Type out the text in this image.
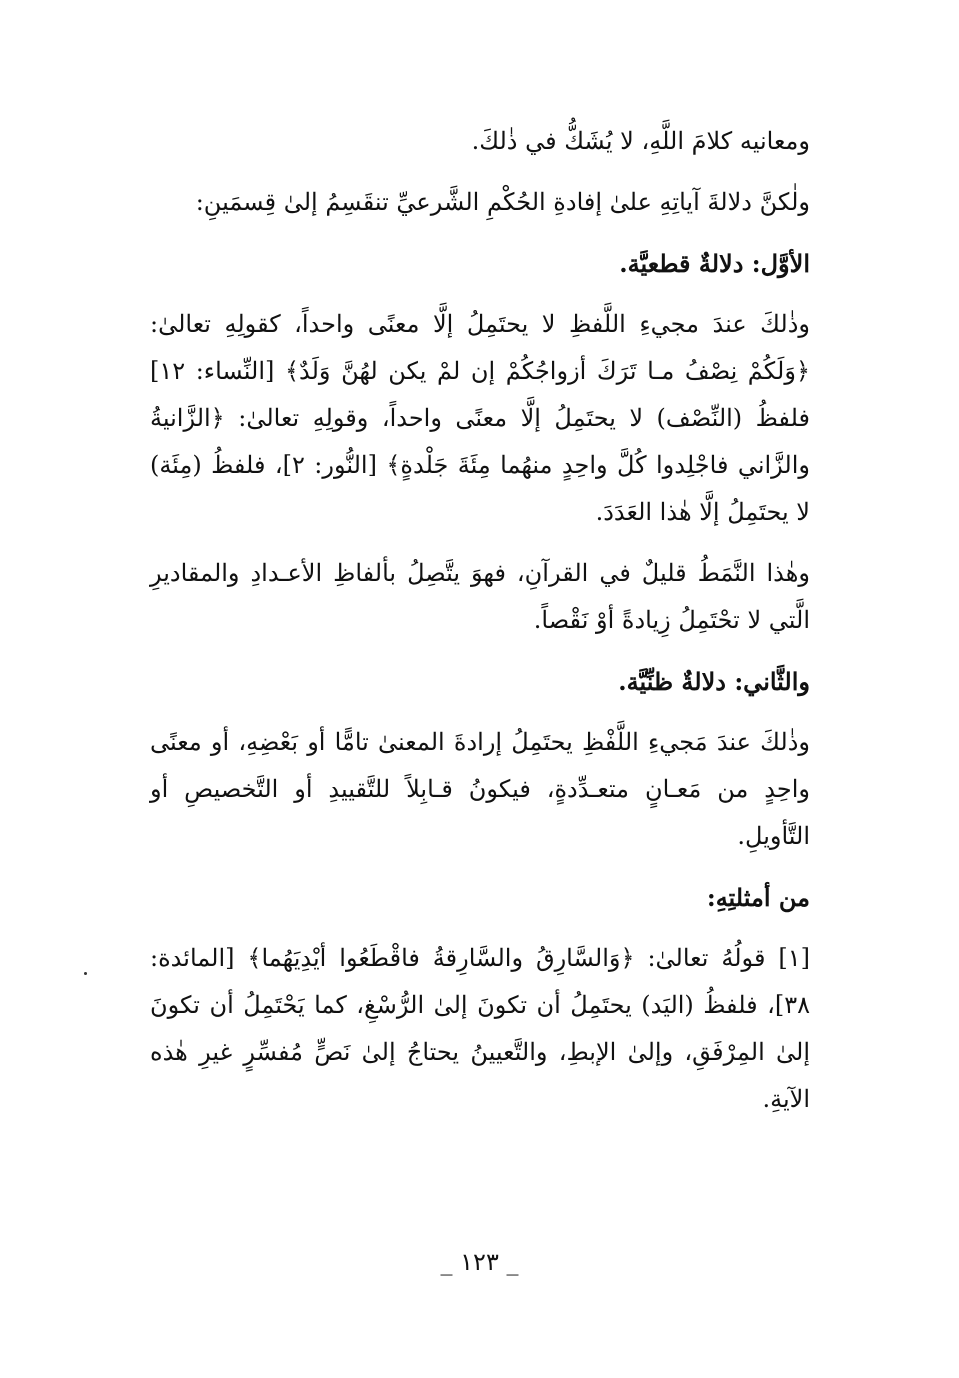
ومعانيه كلامَ اللَّهِ، لا يُشَكُّ في ذٰلكَ.

ولٰكنَّ دلالةَ آياتِهِ علىٰ إفادةِ الحُكْمِ الشَّرعيِّ تنقَسِمُ إلىٰ قِسمَينِ:

الأوَّل: دلالةٌ قطعيَّة.

وذٰلكَ عندَ مجيءِ اللَّفظِ لا يحتَمِلُ إلَّا معنًى واحداً، كقولِهِ تعالىٰ: ﴿وَلَكُمْ نِصْفُ مـا تَرَكَ أزواجُكُمْ إن لمْ يكن لهُنَّ وَلَدٌ﴾ [النِّساء: ١٢] فلفظُ (النِّصْف) لا يحتَمِلُ إلَّا معنًى واحداً، وقولِهِ تعالىٰ: ﴿الزَّانيةُ والزَّاني فاجْلِدوا كُلَّ واحِدٍ منهُما مِئَةَ جَلْدةٍ﴾ [النُّور: ٢]، فلفظُ (مِئَة) لا يحتَمِلُ إلَّا هٰذا العَدَدَ.

وهٰذا النَّمَطُ قليلٌ في القرآنِ، فهوَ يتَّصِلُ بألفاظِ الأعـدادِ والمقاديرِ الَّتي لا تحْتَمِلُ زِيادةً أوْ نَقْصاً.

والثَّاني: دلالةٌ ظنِّيَّة.

وذٰلكَ عندَ مَجيءِ اللَّفْظِ يحتَمِلُ إرادةَ المعنىٰ تامًّا أو بَعْضِهِ، أو معنًى واحِدٍ من مَعـانٍ متعـدِّدةٍ، فيكونُ قـابِلاً للتَّقييدِ أو التَّخصيصِ أو التَّأويلِ.

من أمثلتِهِ:

[١] قولُهُ تعالىٰ: ﴿وَالسَّارِقُ والسَّارِقةُ فاقْطَعُوا أيْدِيَهُما﴾ [المائدة: ٣٨]، فلفظُ (اليَد) يحتَمِلُ أن تكونَ إلىٰ الرُّسْغِ، كما يَحْتَمِلُ أن تكونَ إلىٰ المِرْفَقِ، وإلىٰ الإبطِ، والتَّعيينُ يحتاجُ إلىٰ نَصٍّ مُفسِّرٍ غيرِ هٰذه الآيةِ.

_ ١٢٣ _
